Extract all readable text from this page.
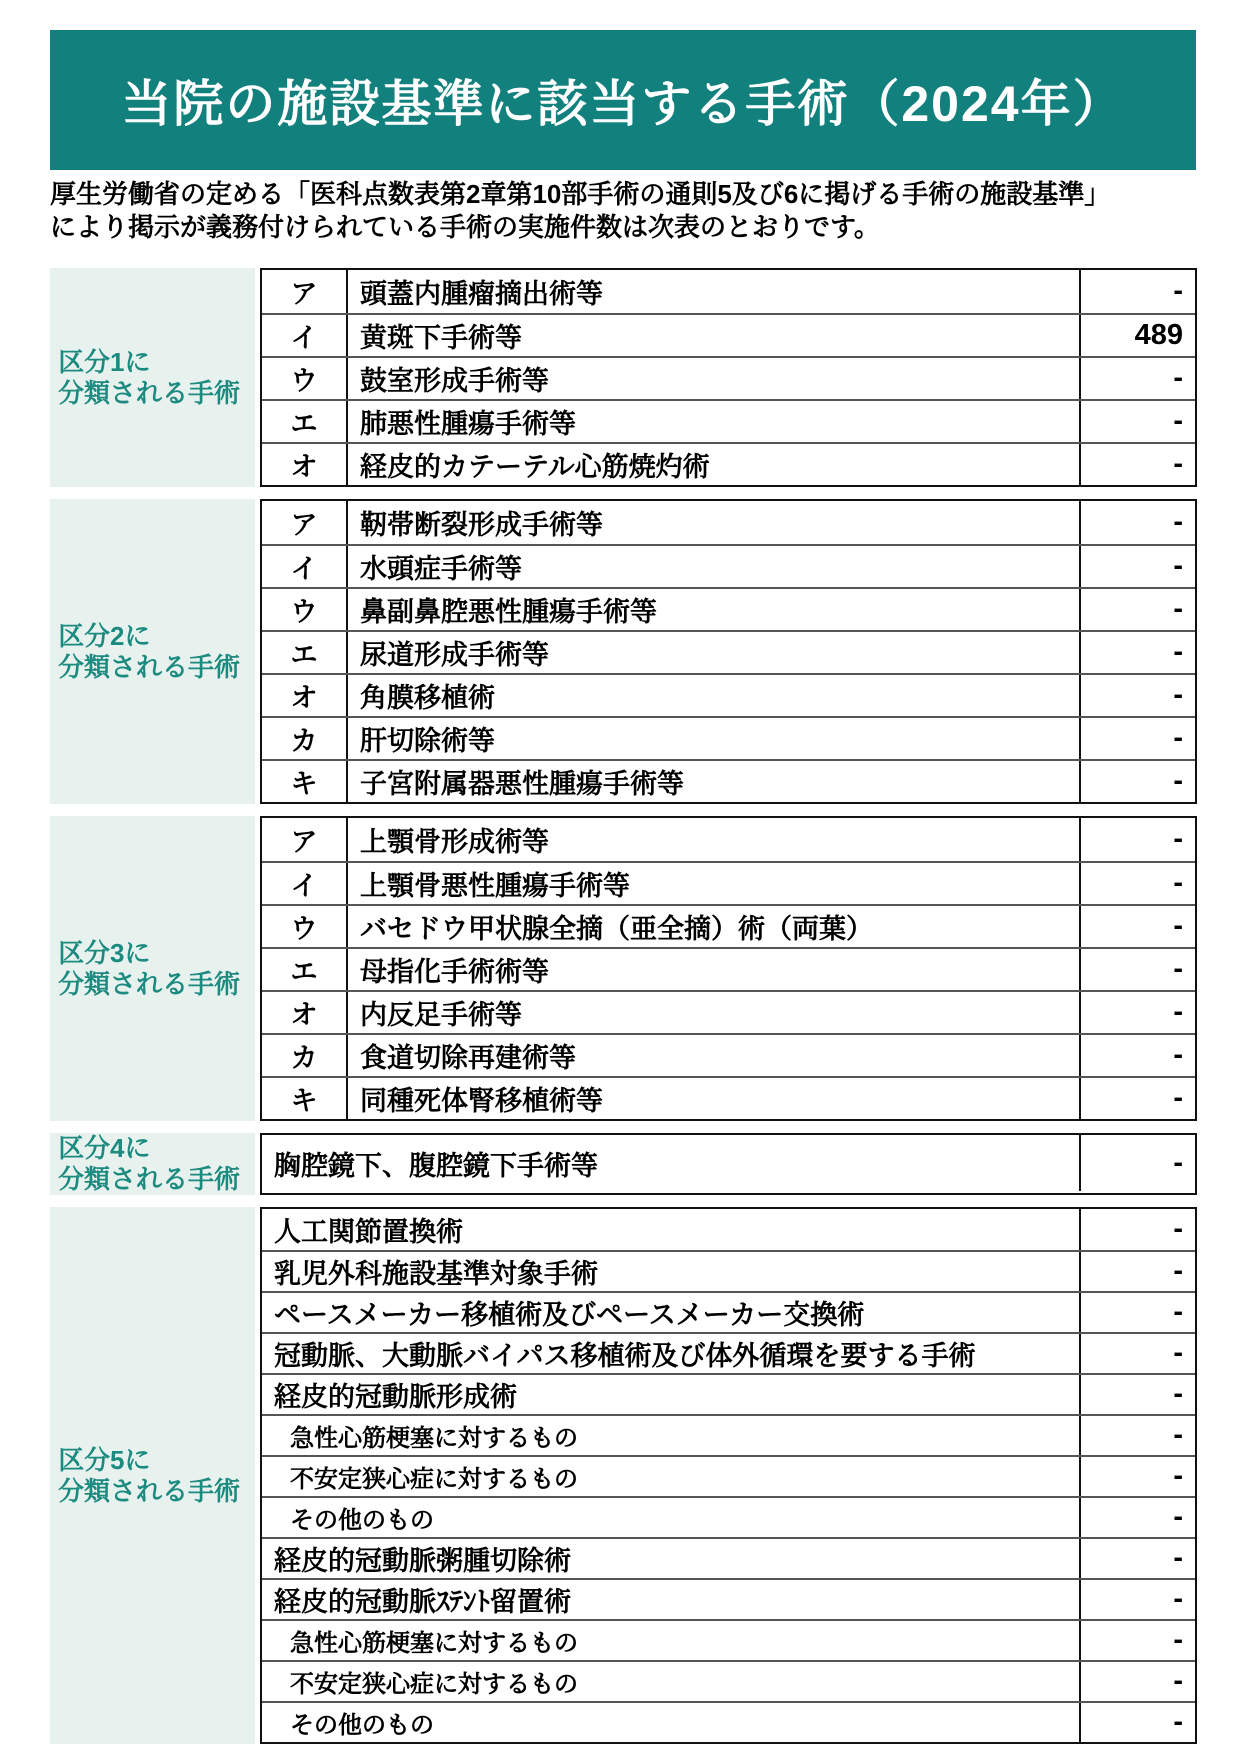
当院の施設基準に該当する手術（2024年）

厚生労働省の定める「医科点数表第2章第10部手術の通則5及び6に掲げる手術の施設基準」
により掲示が義務付けられている手術の実施件数は次表のとおりです。

区分1に
分類される手術
ア	頭蓋内腫瘤摘出術等	-
イ	黄斑下手術等	489
ウ	鼓室形成手術等	-
エ	肺悪性腫瘍手術等	-
オ	経皮的カテーテル心筋焼灼術	-
区分2に
分類される手術
ア	靭帯断裂形成手術等	-
イ	水頭症手術等	-
ウ	鼻副鼻腔悪性腫瘍手術等	-
エ	尿道形成手術等	-
オ	角膜移植術	-
カ	肝切除術等	-
キ	子宮附属器悪性腫瘍手術等	-
区分3に
分類される手術
ア	上顎骨形成術等	-
イ	上顎骨悪性腫瘍手術等	-
ウ	バセドウ甲状腺全摘（亜全摘）術（両葉）	-
エ	母指化手術術等	-
オ	内反足手術等	-
カ	食道切除再建術等	-
キ	同種死体腎移植術等	-
区分4に
分類される手術	胸腔鏡下、腹腔鏡下手術等	-
区分5に
分類される手術
人工関節置換術	-
乳児外科施設基準対象手術	-
ペースメーカー移植術及びペースメーカー交換術	-
冠動脈、大動脈バイパス移植術及び体外循環を要する手術	-
経皮的冠動脈形成術	-
急性心筋梗塞に対するもの	-
不安定狭心症に対するもの	-
その他のもの	-
経皮的冠動脈粥腫切除術	-
経皮的冠動脈ｽﾃﾝﾄ留置術	-
急性心筋梗塞に対するもの	-
不安定狭心症に対するもの	-
その他のもの	-
